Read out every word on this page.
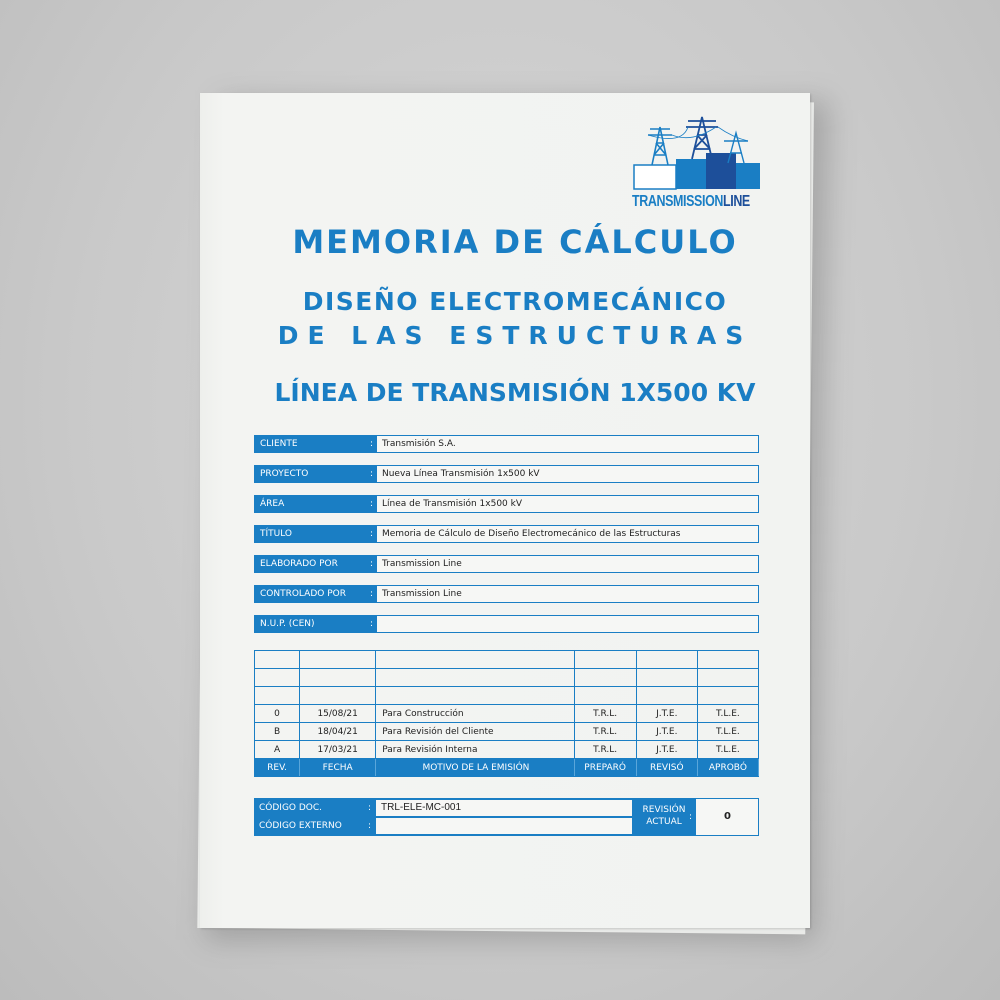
TRANSMISSIONLINE
MEMORIA DE CÁLCULO
DISEÑO ELECTROMECÁNICO
DE LAS ESTRUCTURAS
LÍNEA DE TRANSMISIÓN 1X500 KV
CLIENTE	:	Transmisión S.A.
PROYECTO	:	Nueva Línea Transmisión 1x500 kV
ÁREA	:	Línea de Transmisión 1x500 kV
TÍTULO	:	Memoria de Cálculo de Diseño Electromecánico de las Estructuras
ELABORADO POR	:	Transmission Line
CONTROLADO POR	:	Transmission Line
N.U.P. (CEN)	:

0	15/08/21	Para Construcción	T.R.L.	J.T.E.	T.L.E.
B	18/04/21	Para Revisión del Cliente	T.R.L.	J.T.E.	T.L.E.
A	17/03/21	Para Revisión Interna	T.R.L.	J.T.E.	T.L.E.
REV.	FECHA	MOTIVO DE LA EMISIÓN	PREPARÓ	REVISÓ	APROBÓ
CÓDIGO DOC.	:	TRL-ELE-MC-001
CÓDIGO EXTERNO	:
REVISIÓN
ACTUAL :	0
